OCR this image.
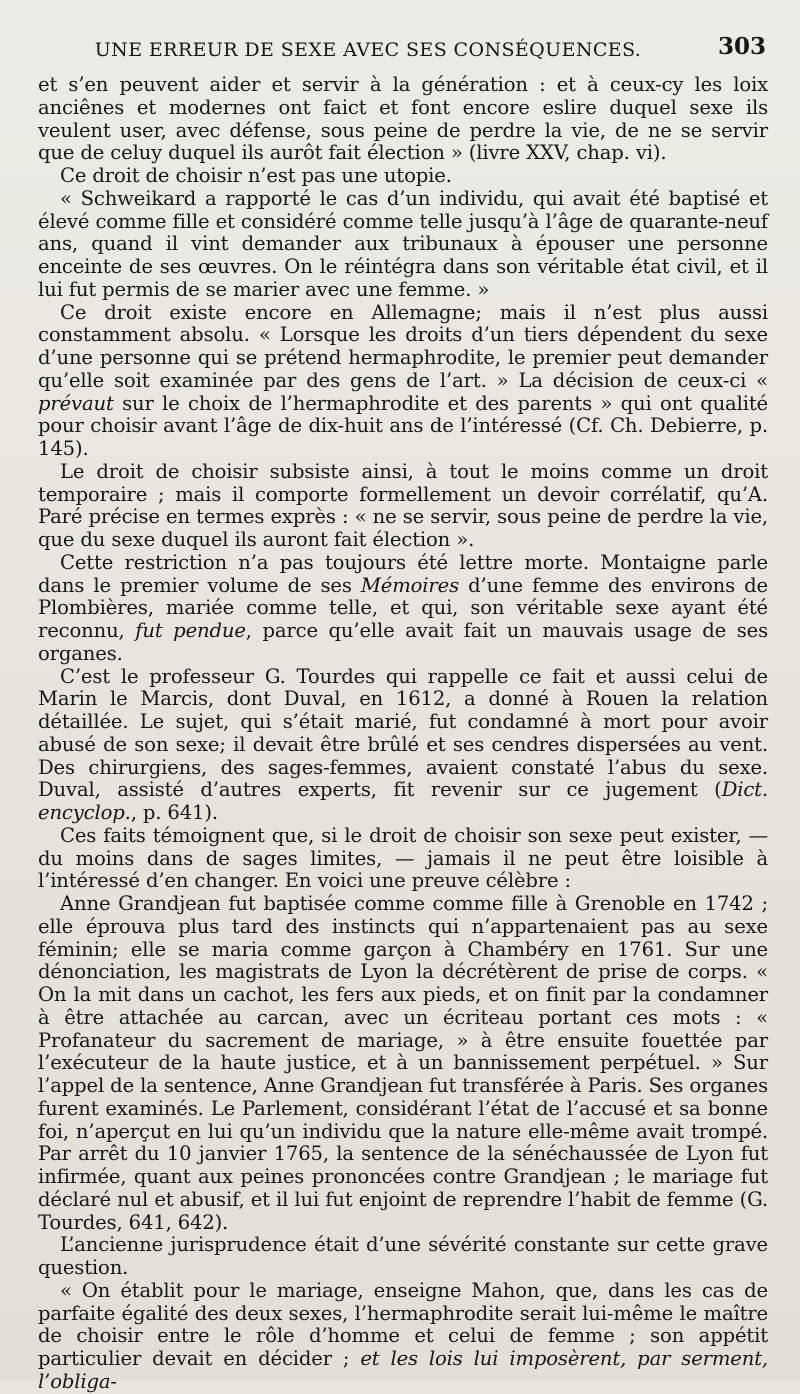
UNE ERREUR DE SEXE AVEC SES CONSÉQUENCES.	303

et s’en peuvent aider et servir à la génération : et à ceux-cy les loix anciênes et modernes ont faict et font encore eslire duquel sexe ils veulent user, avec défense, sous peine de perdre la vie, de ne se servir que de celuy duquel ils aurôt fait élection » (livre XXV, chap. vi).

Ce droit de choisir n’est pas une utopie.

« Schweikard a rapporté le cas d’un individu, qui avait été baptisé et élevé comme fille et considéré comme telle jusqu’à l’âge de quarante-neuf ans, quand il vint demander aux tribunaux à épouser une personne enceinte de ses œuvres. On le réintégra dans son véritable état civil, et il lui fut permis de se marier avec une femme. »

Ce droit existe encore en Allemagne; mais il n’est plus aussi constamment absolu. « Lorsque les droits d’un tiers dépendent du sexe d’une personne qui se prétend hermaphrodite, le premier peut demander qu’elle soit examinée par des gens de l’art. » La décision de ceux-ci « prévaut sur le choix de l’hermaphrodite et des parents » qui ont qualité pour choisir avant l’âge de dix-huit ans de l’intéressé (Cf. Ch. Debierre, p. 145).

Le droit de choisir subsiste ainsi, à tout le moins comme un droit temporaire ; mais il comporte formellement un devoir corrélatif, qu’A. Paré précise en termes exprès : « ne se servir, sous peine de perdre la vie, que du sexe duquel ils auront fait élection ».

Cette restriction n’a pas toujours été lettre morte. Montaigne parle dans le premier volume de ses Mémoires d’une femme des environs de Plombières, mariée comme telle, et qui, son véritable sexe ayant été reconnu, fut pendue, parce qu’elle avait fait un mauvais usage de ses organes.

C’est le professeur G. Tourdes qui rappelle ce fait et aussi celui de Marin le Marcis, dont Duval, en 1612, a donné à Rouen la relation détaillée. Le sujet, qui s’était marié, fut condamné à mort pour avoir abusé de son sexe; il devait être brûlé et ses cendres dispersées au vent. Des chirurgiens, des sages-femmes, avaient constaté l’abus du sexe. Duval, assisté d’autres experts, fit revenir sur ce jugement (Dict. encyclop., p. 641).

Ces faits témoignent que, si le droit de choisir son sexe peut exister, — du moins dans de sages limites, — jamais il ne peut être loisible à l’intéressé d’en changer. En voici une preuve célèbre :

Anne Grandjean fut baptisée comme comme fille à Grenoble en 1742 ; elle éprouva plus tard des instincts qui n’appartenaient pas au sexe féminin; elle se maria comme garçon à Chambéry en 1761. Sur une dénonciation, les magistrats de Lyon la décrétèrent de prise de corps. « On la mit dans un cachot, les fers aux pieds, et on finit par la condamner à être attachée au carcan, avec un écriteau portant ces mots : « Profanateur du sacrement de mariage, » à être ensuite fouettée par l’exécuteur de la haute justice, et à un bannissement perpétuel. » Sur l’appel de la sentence, Anne Grandjean fut transférée à Paris. Ses organes furent examinés. Le Parlement, considérant l’état de l’accusé et sa bonne foi, n’aperçut en lui qu’un individu que la nature elle-même avait trompé. Par arrêt du 10 janvier 1765, la sentence de la sénéchaussée de Lyon fut infirmée, quant aux peines prononcées contre Grandjean ; le mariage fut déclaré nul et abusif, et il lui fut enjoint de reprendre l’habit de femme (G. Tourdes, 641, 642).

L’ancienne jurisprudence était d’une sévérité constante sur cette grave question.

« On établit pour le mariage, enseigne Mahon, que, dans les cas de parfaite égalité des deux sexes, l’hermaphrodite serait lui-même le maître de choisir entre le rôle d’homme et celui de femme ; son appétit particulier devait en décider ; et les lois lui imposèrent, par serment, l’obliga-
